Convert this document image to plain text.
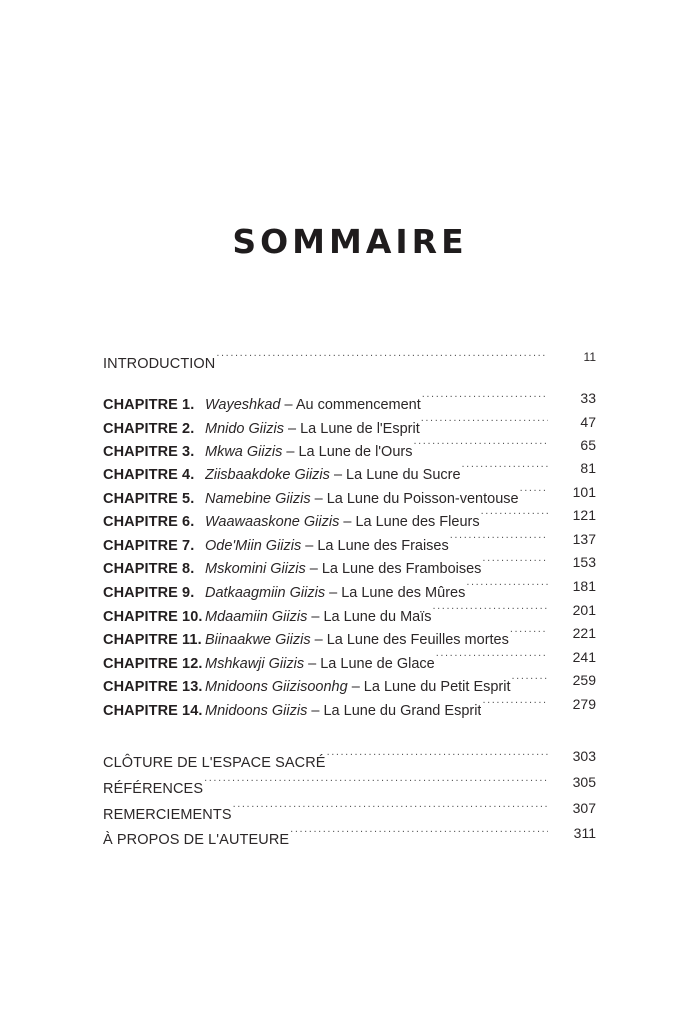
SOMMAIRE
INTRODUCTION .....	11
CHAPITRE 1. Wayeshkad – Au commencement .....	33
CHAPITRE 2. Mnido Giizis – La Lune de l'Esprit .....	47
CHAPITRE 3. Mkwa Giizis – La Lune de l'Ours .....	65
CHAPITRE 4. Ziisbaakdoke Giizis – La Lune du Sucre .....	81
CHAPITRE 5. Namebine Giizis – La Lune du Poisson-ventouse .....	101
CHAPITRE 6. Waawaaskone Giizis – La Lune des Fleurs .....	121
CHAPITRE 7. Ode'Miin Giizis – La Lune des Fraises .....	137
CHAPITRE 8. Mskomini Giizis – La Lune des Framboises .....	153
CHAPITRE 9. Datkaagmiin Giizis – La Lune des Mûres .....	181
CHAPITRE 10. Mdaamiin Giizis – La Lune du Maïs .....	201
CHAPITRE 11. Biinaakwe Giizis – La Lune des Feuilles mortes .....	221
CHAPITRE 12. Mshkawji Giizis – La Lune de Glace .....	241
CHAPITRE 13. Mnidoons Giizisoonhg – La Lune du Petit Esprit .....	259
CHAPITRE 14. Mnidoons Giizis – La Lune du Grand Esprit .....	279
CLÔTURE DE L'ESPACE SACRÉ .....	303
RÉFÉRENCES .....	305
REMERCIEMENTS .....	307
À PROPOS DE L'AUTEURE .....	311
